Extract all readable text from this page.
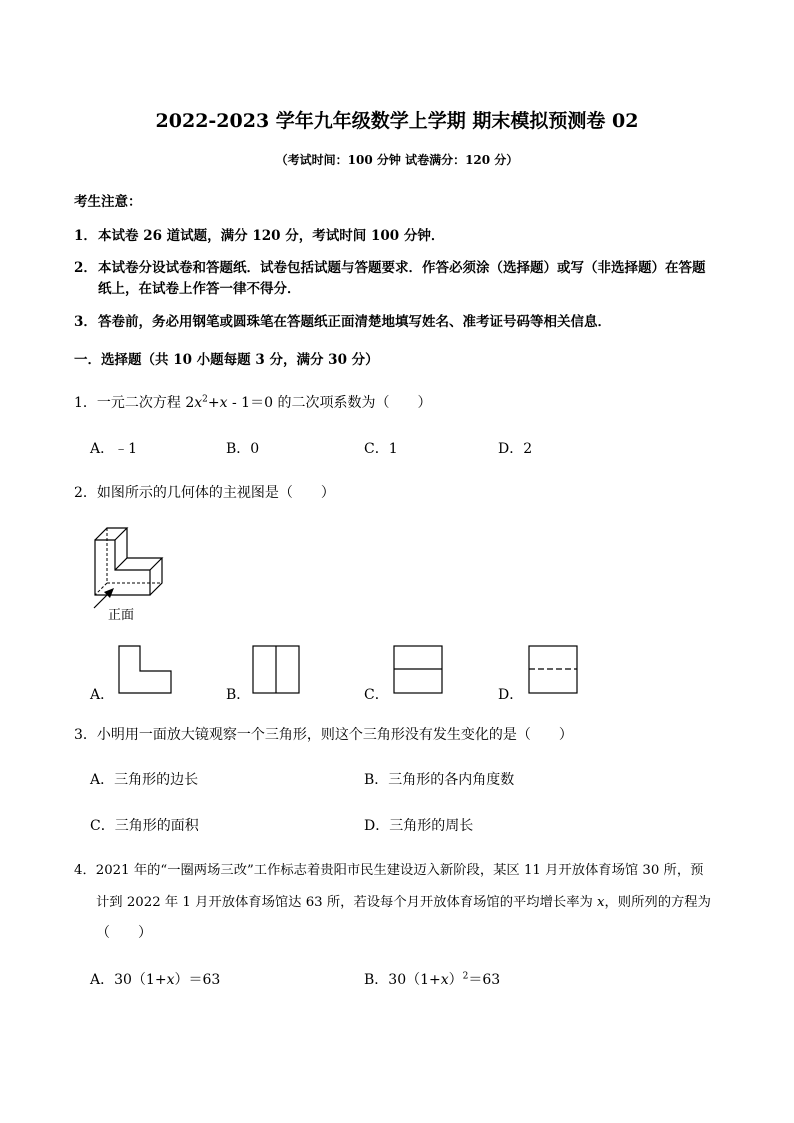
2022-2023 学年九年级数学上学期 期末模拟预测卷 02
（考试时间：100 分钟 试卷满分：120 分）
考生注意：
1．本试卷 26 道试题，满分 120 分，考试时间 100 分钟．
2．本试卷分设试卷和答题纸．试卷包括试题与答题要求．作答必须涂（选择题）或写（非选择题）在答题
纸上，在试卷上作答一律不得分．
3．答卷前，务必用钢笔或圆珠笔在答题纸正面清楚地填写姓名、准考证号码等相关信息．
一．选择题（共 10 小题每题 3 分，满分 30 分）
1．一元二次方程 $2x^2+x - 1=0$ 的二次项系数为（　　）
A．﹣1	B．0	C．1	D．2
2．如图所示的几何体的主视图是（　　）
正面
A．	B．	C．	D．
3．小明用一面放大镜观察一个三角形，则这个三角形没有发生变化的是（　　）
A．三角形的边长	B．三角形的各内角度数
C．三角形的面积	D．三角形的周长
4．2021 年的“一圈两场三改”工作标志着贵阳市民生建设迈入新阶段，某区 11 月开放体育场馆 30 所，预
计到 2022 年 1 月开放体育场馆达 63 所，若设每个月开放体育场馆的平均增长率为 x，则所列的方程为
（　　）
A．30（1+x）＝63	B．$30(1+x)^2=63$
